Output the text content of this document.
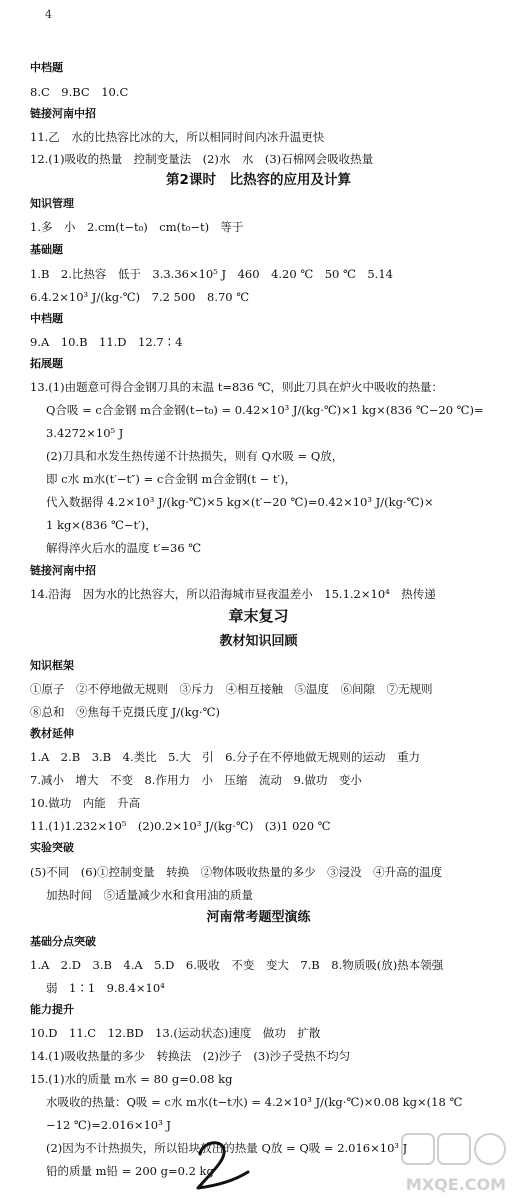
4
中档题
8.C　9.BC　10.C
链接河南中招
11.乙　水的比热容比冰的大，所以相同时间内冰升温更快
12.(1)吸收的热量　控制变量法　(2)水　水　(3)石棉网会吸收热量
第2课时　比热容的应用及计算
知识管理
1.多　小　2.cm(t−t₀)　cm(t₀−t)　等于
基础题
1.B　2.比热容　低于　3.3.36×10⁵ J　460　4.20 ℃　50 ℃　5.14
6.4.2×10³ J/(kg·℃)　7.2 500　8.70 ℃
中档题
9.A　10.B　11.D　12.7∶4
拓展题
13.(1)由题意可得合金钢刀具的末温 t=836 ℃，则此刀具在炉火中吸收的热量：
Q合吸 = c合金钢 m合金钢(t−t₀) = 0.42×10³ J/(kg·℃)×1 kg×(836 ℃−20 ℃)=
3.4272×10⁵ J
(2)刀具和水发生热传递不计热损失，则有 Q水吸 = Q放，
即 c水 m水(t′−t″) = c合金钢 m合金钢(t − t′)，
代入数据得 4.2×10³ J/(kg·℃)×5 kg×(t′−20 ℃)=0.42×10³ J/(kg·℃)×
1 kg×(836 ℃−t′)，
解得淬火后水的温度 t′=36 ℃
链接河南中招
14.沿海　因为水的比热容大，所以沿海城市昼夜温差小　15.1.2×10⁴　热传递
章末复习
教材知识回顾
知识框架
①原子　②不停地做无规则　③斥力　④相互接触　⑤温度　⑥间隙　⑦无规则
⑧总和　⑨焦每千克摄氏度 J/(kg·℃)
教材延伸
1.A　2.B　3.B　4.类比　5.大　引　6.分子在不停地做无规则的运动　重力
7.减小　增大　不变　8.作用力　小　压缩　流动　9.做功　变小
10.做功　内能　升高
11.(1)1.232×10⁵　(2)0.2×10³ J/(kg·℃)　(3)1 020 ℃
实验突破
(5)不同　(6)①控制变量　转换　②物体吸收热量的多少　③浸没　④升高的温度
加热时间　⑤适量减少水和食用油的质量
河南常考题型演练
基础分点突破
1.A　2.D　3.B　4.A　5.D　6.吸收　不变　变大　7.B　8.物质吸(放)热本领强
弱　1∶1　9.8.4×10⁴
能力提升
10.D　11.C　12.BD　13.(运动状态)速度　做功　扩散
14.(1)吸收热量的多少　转换法　(2)沙子　(3)沙子受热不均匀
15.(1)水的质量 m水 = 80 g=0.08 kg
水吸收的热量：Q吸 = c水 m水(t−t水) = 4.2×10³ J/(kg·℃)×0.08 kg×(18 ℃
−12 ℃)=2.016×10³ J
(2)因为不计热损失，所以铅块放出的热量 Q放 = Q吸 = 2.016×10³ J
铅的质量 m铅 = 200 g=0.2 kg
MXQE.COM
